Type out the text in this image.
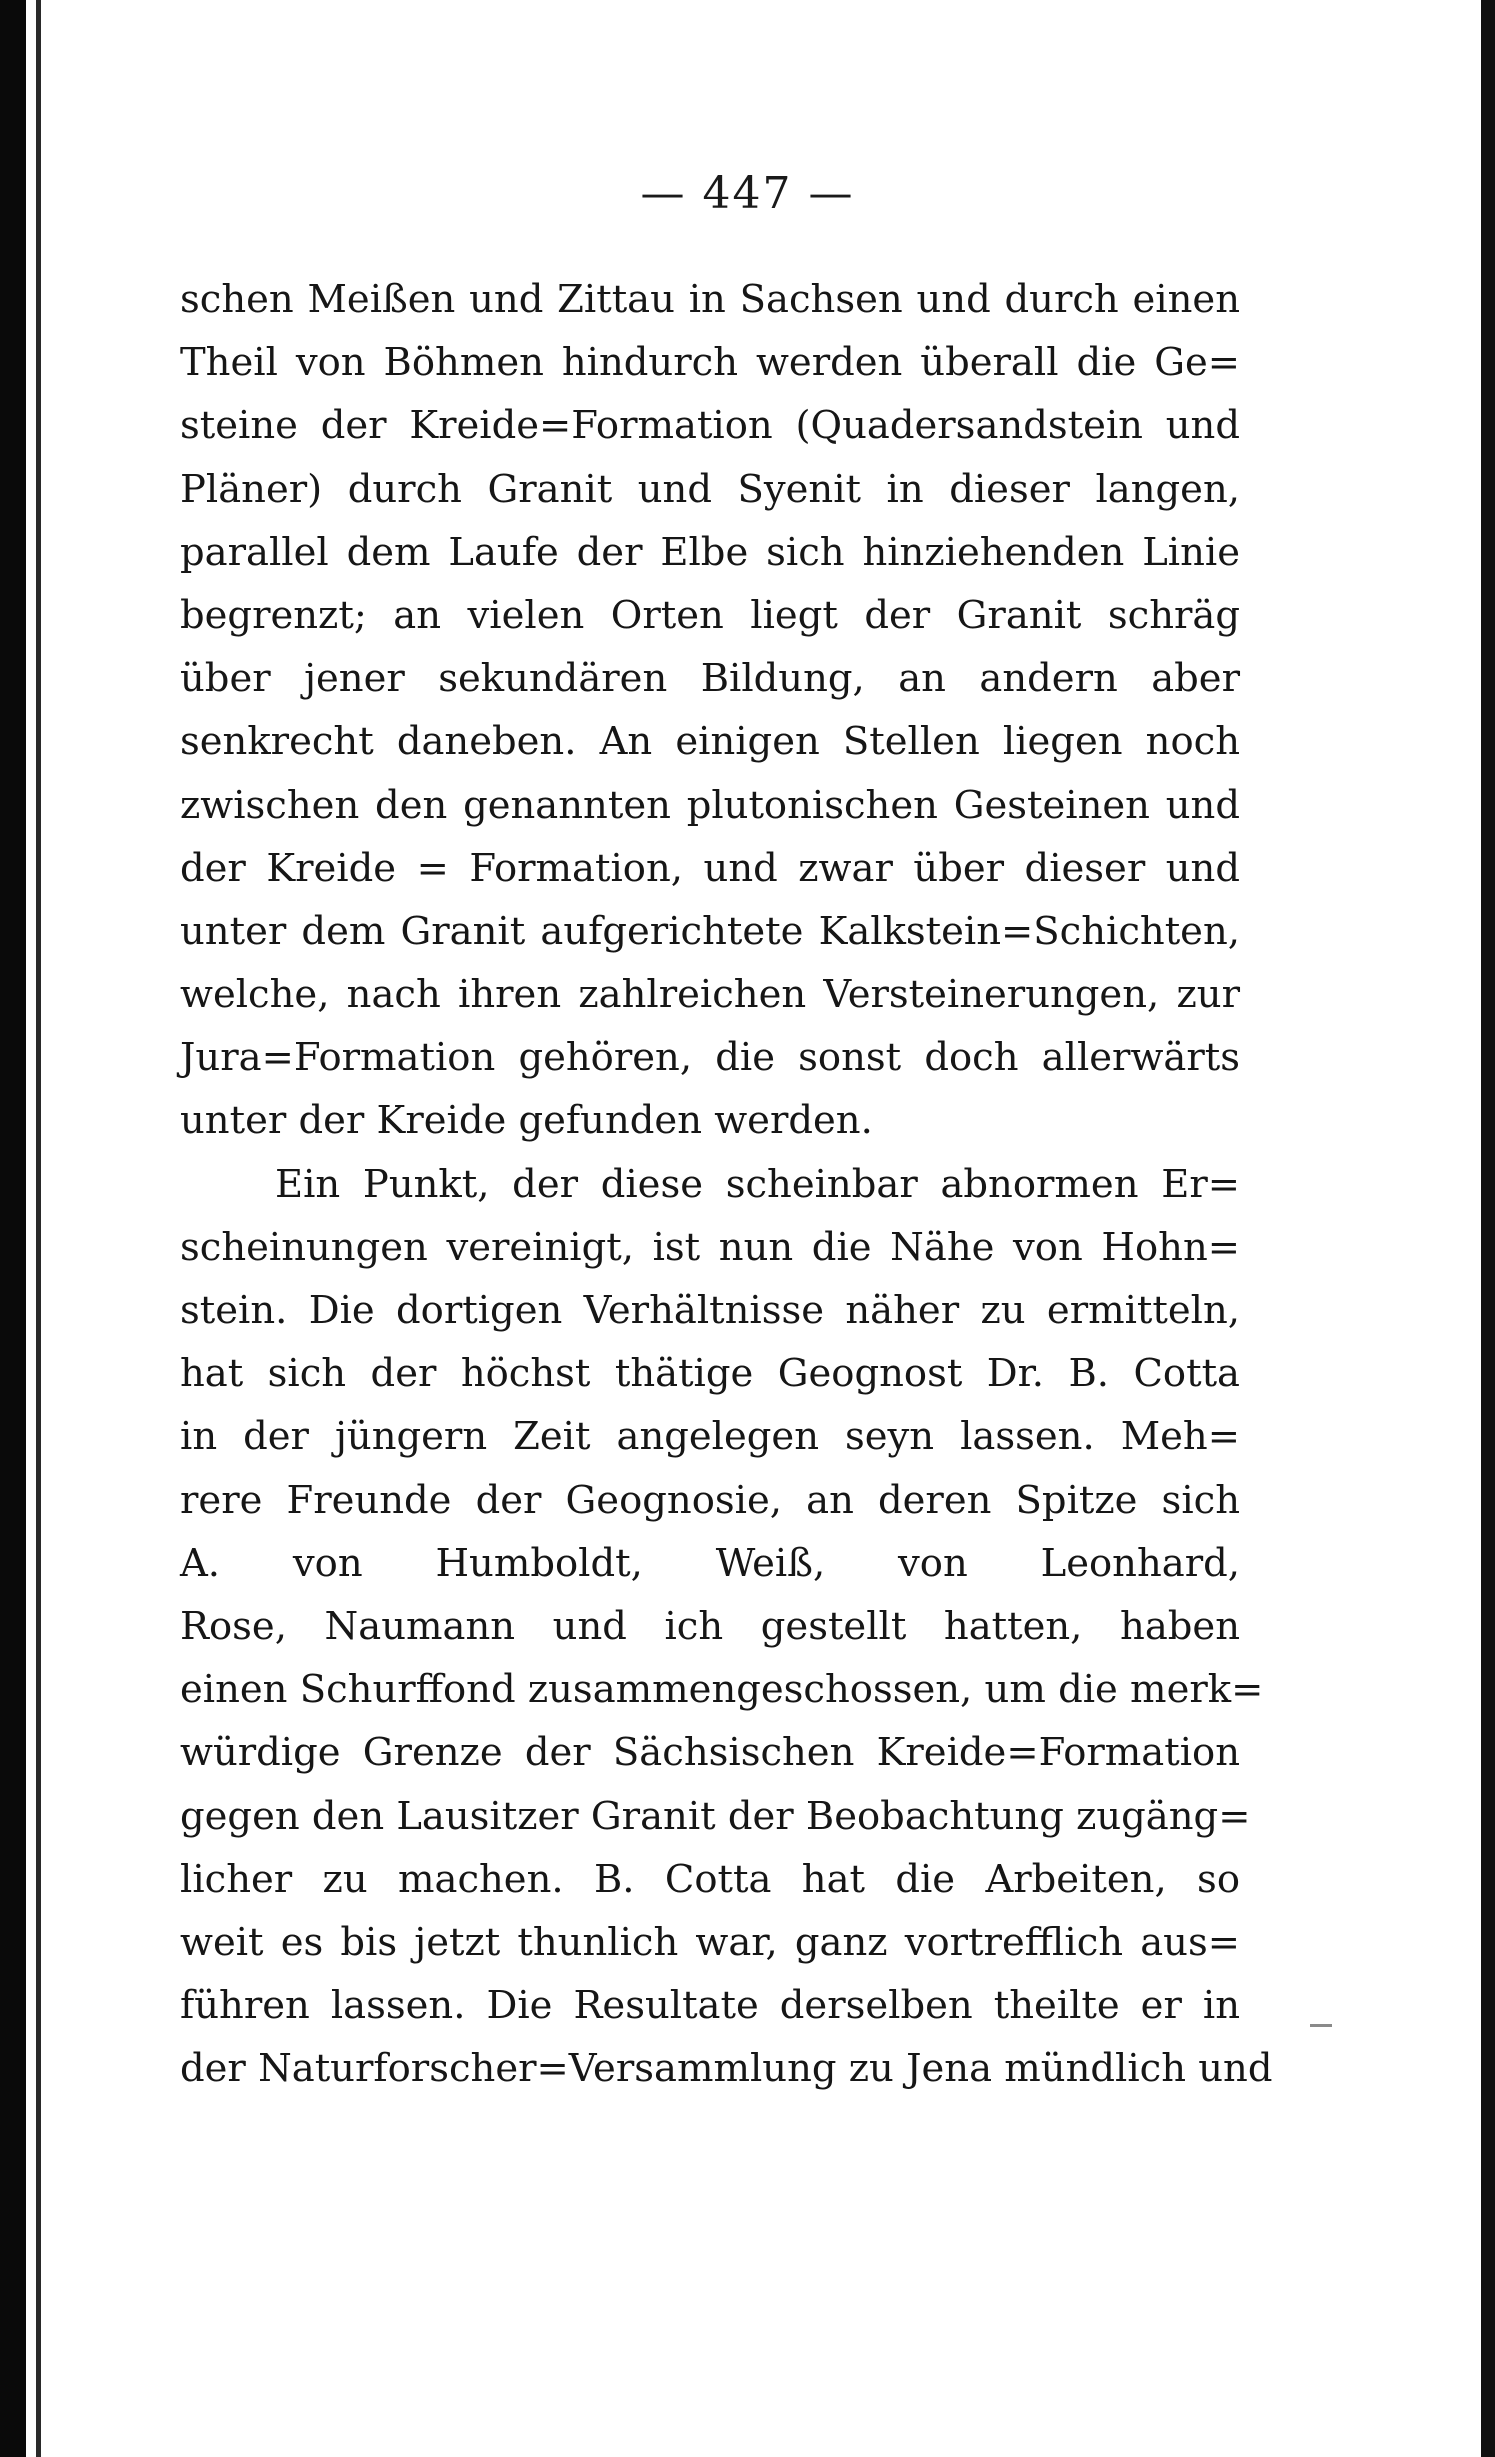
— 447 —
schen Meißen und Zittau in Sachsen und durch einen
Theil von Böhmen hindurch werden überall die Ge=
steine der Kreide=Formation (Quadersandstein und
Pläner) durch Granit und Syenit in dieser langen,
parallel dem Laufe der Elbe sich hinziehenden Linie
begrenzt; an vielen Orten liegt der Granit schräg
über jener sekundären Bildung, an andern aber
senkrecht daneben. An einigen Stellen liegen noch
zwischen den genannten plutonischen Gesteinen und
der Kreide = Formation, und zwar über dieser und
unter dem Granit aufgerichtete Kalkstein=Schichten,
welche, nach ihren zahlreichen Versteinerungen, zur
Jura=Formation gehören, die sonst doch allerwärts
unter der Kreide gefunden werden.
Ein Punkt, der diese scheinbar abnormen Er=
scheinungen vereinigt, ist nun die Nähe von Hohn=
stein. Die dortigen Verhältnisse näher zu ermitteln,
hat sich der höchst thätige Geognost Dr. B. Cotta
in der jüngern Zeit angelegen seyn lassen. Meh=
rere Freunde der Geognosie, an deren Spitze sich
A. von Humboldt, Weiß, von Leonhard,
Rose, Naumann und ich gestellt hatten, haben
einen Schurffond zusammengeschossen, um die merk=
würdige Grenze der Sächsischen Kreide=Formation
gegen den Lausitzer Granit der Beobachtung zugäng=
licher zu machen. B. Cotta hat die Arbeiten, so
weit es bis jetzt thunlich war, ganz vortrefflich aus=
führen lassen. Die Resultate derselben theilte er in
der Naturforscher=Versammlung zu Jena mündlich und
